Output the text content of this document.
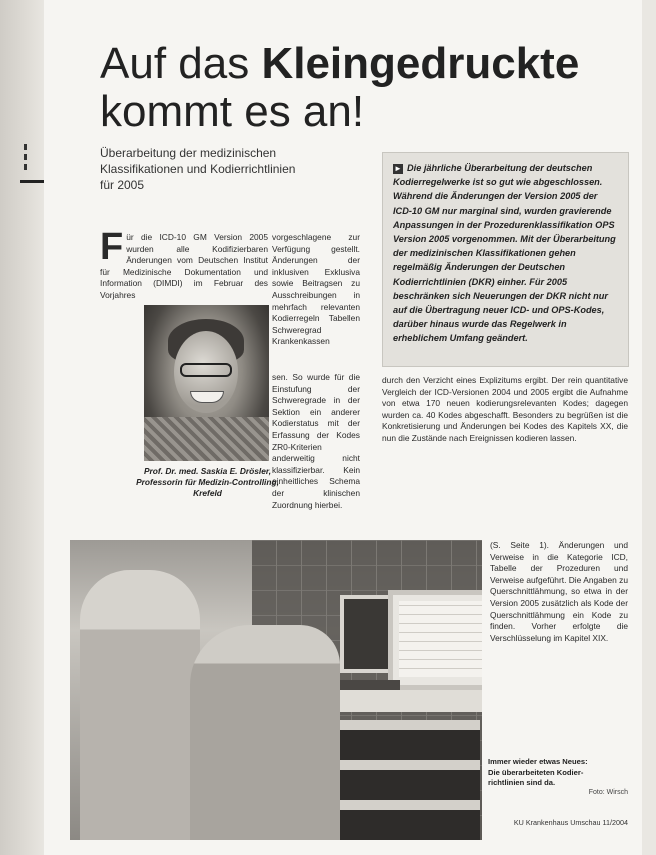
Auf das Kleingedruckte
kommt es an!
Überarbeitung der medizinischen
Klassifikationen und Kodierrichtlinien
für 2005
► Die jährliche Überarbeitung der deutschen Kodierregelwerke ist so gut wie abgeschlossen. Während die Änderungen der Version 2005 der ICD-10 GM nur marginal sind, wurden gravierende Anpassungen in der Prozedurenklassifikation OPS Version 2005 vorgenommen. Mit der Überarbeitung der medizinischen Klassifikationen gehen regelmäßig Änderungen der Deutschen Kodierrichtlinien (DKR) einher. Für 2005 beschränken sich Neuerungen der DKR nicht nur auf die Übertragung neuer ICD- und OPS-Kodes, darüber hinaus wurde das Regelwerk in erheblichem Umfang geändert.
Für die ICD-10 GM Version 2005 wurden alle Kodifizierbaren Änderungen vom Deutschen Institut für Medizinische Dokumentation und Information (DIMDI) im Februar des Vorjahres
vorgeschlagene zur Verfügung gestellt. Änderungen der inklusiven Exklusiva sowie Beitragsen zu Ausschreibungen in mehrfach relevanten Kodierregeln Tabellen Schweregrad Krankenkassen
sen. So wurde für die Einstufung der Schweregrade in der Sektion ein anderer Kodierstatus mit der Erfassung der Kodes ZR0-Kriterien anderweitig nicht klassifizierbar. Kein einheitliches Schema der klinischen Zuordnung hierbei.
Prof. Dr. med. Saskia E. Drösler,
Professorin für Medizin-Controlling,
Krefeld
durch den Verzicht eines Explizitums ergibt. Der rein quantitative Vergleich der ICD-Versionen 2004 und 2005 ergibt die Aufnahme von etwa 170 neuen kodierungsrelevanten Kodes; dagegen wurden ca. 40 Kodes abgeschafft. Besonders zu begrüßen ist die Konkretisierung und Änderungen bei Kodes des Kapitels XX, die nun die Zustände nach Ereignissen kodieren lassen.
(S. Seite 1). Änderungen und Verweise in die Kategorie ICD, Tabelle der Prozeduren und Verweise aufgeführt. Die Angaben zu Querschnittlähmung, so etwa in der Version 2005 zusätzlich als Kode der Querschnittlähmung ein Kode zu finden. Vorher erfolgte die Verschlüsselung im Kapitel XIX.
Immer wieder etwas Neues:
Die überarbeiteten Kodier-
richtlinien sind da.
Foto: Wirsch
KU Krankenhaus Umschau 11/2004
